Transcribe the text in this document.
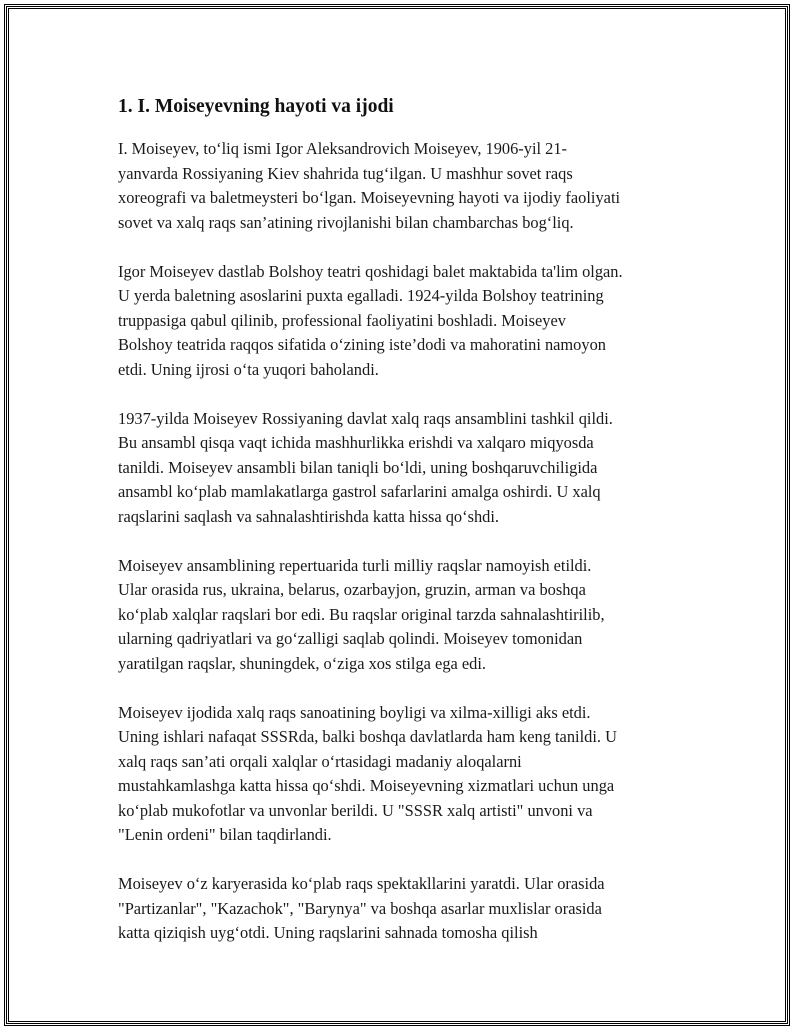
1. I. Moiseyevning hayoti va ijodi

I. Moiseyev, to‘liq ismi Igor Aleksandrovich Moiseyev, 1906-yil 21-
yanvarda Rossiyaning Kiev shahrida tug‘ilgan. U mashhur sovet raqs
xoreografi va baletmeysteri bo‘lgan. Moiseyevning hayoti va ijodiy faoliyati
sovet va xalq raqs san’atining rivojlanishi bilan chambarchas bog‘liq.

Igor Moiseyev dastlab Bolshoy teatri qoshidagi balet maktabida ta'lim olgan.
U yerda baletning asoslarini puxta egalladi. 1924-yilda Bolshoy teatrining
truppasiga qabul qilinib, professional faoliyatini boshladi. Moiseyev
Bolshoy teatrida raqqos sifatida o‘zining iste’dodi va mahoratini namoyon
etdi. Uning ijrosi o‘ta yuqori baholandi.

1937-yilda Moiseyev Rossiyaning davlat xalq raqs ansamblini tashkil qildi.
Bu ansambl qisqa vaqt ichida mashhurlikka erishdi va xalqaro miqyosda
tanildi. Moiseyev ansambli bilan taniqli bo‘ldi, uning boshqaruvchiligida
ansambl ko‘plab mamlakatlarga gastrol safarlarini amalga oshirdi. U xalq
raqslarini saqlash va sahnalashtirishda katta hissa qo‘shdi.

Moiseyev ansamblining repertuarida turli milliy raqslar namoyish etildi.
Ular orasida rus, ukraina, belarus, ozarbayjon, gruzin, arman va boshqa
ko‘plab xalqlar raqslari bor edi. Bu raqslar original tarzda sahnalashtirilib,
ularning qadriyatlari va go‘zalligi saqlab qolindi. Moiseyev tomonidan
yaratilgan raqslar, shuningdek, o‘ziga xos stilga ega edi.

Moiseyev ijodida xalq raqs sanoatining boyligi va xilma-xilligi aks etdi.
Uning ishlari nafaqat SSSRda, balki boshqa davlatlarda ham keng tanildi. U
xalq raqs san’ati orqali xalqlar o‘rtasidagi madaniy aloqalarni
mustahkamlashga katta hissa qo‘shdi. Moiseyevning xizmatlari uchun unga
ko‘plab mukofotlar va unvonlar berildi. U "SSSR xalq artisti" unvoni va
"Lenin ordeni" bilan taqdirlandi.

Moiseyev o‘z karyerasida ko‘plab raqs spektakllarini yaratdi. Ular orasida
"Partizanlar", "Kazachok", "Barynya" va boshqa asarlar muxlislar orasida
katta qiziqish uyg‘otdi. Uning raqslarini sahnada tomosha qilish
